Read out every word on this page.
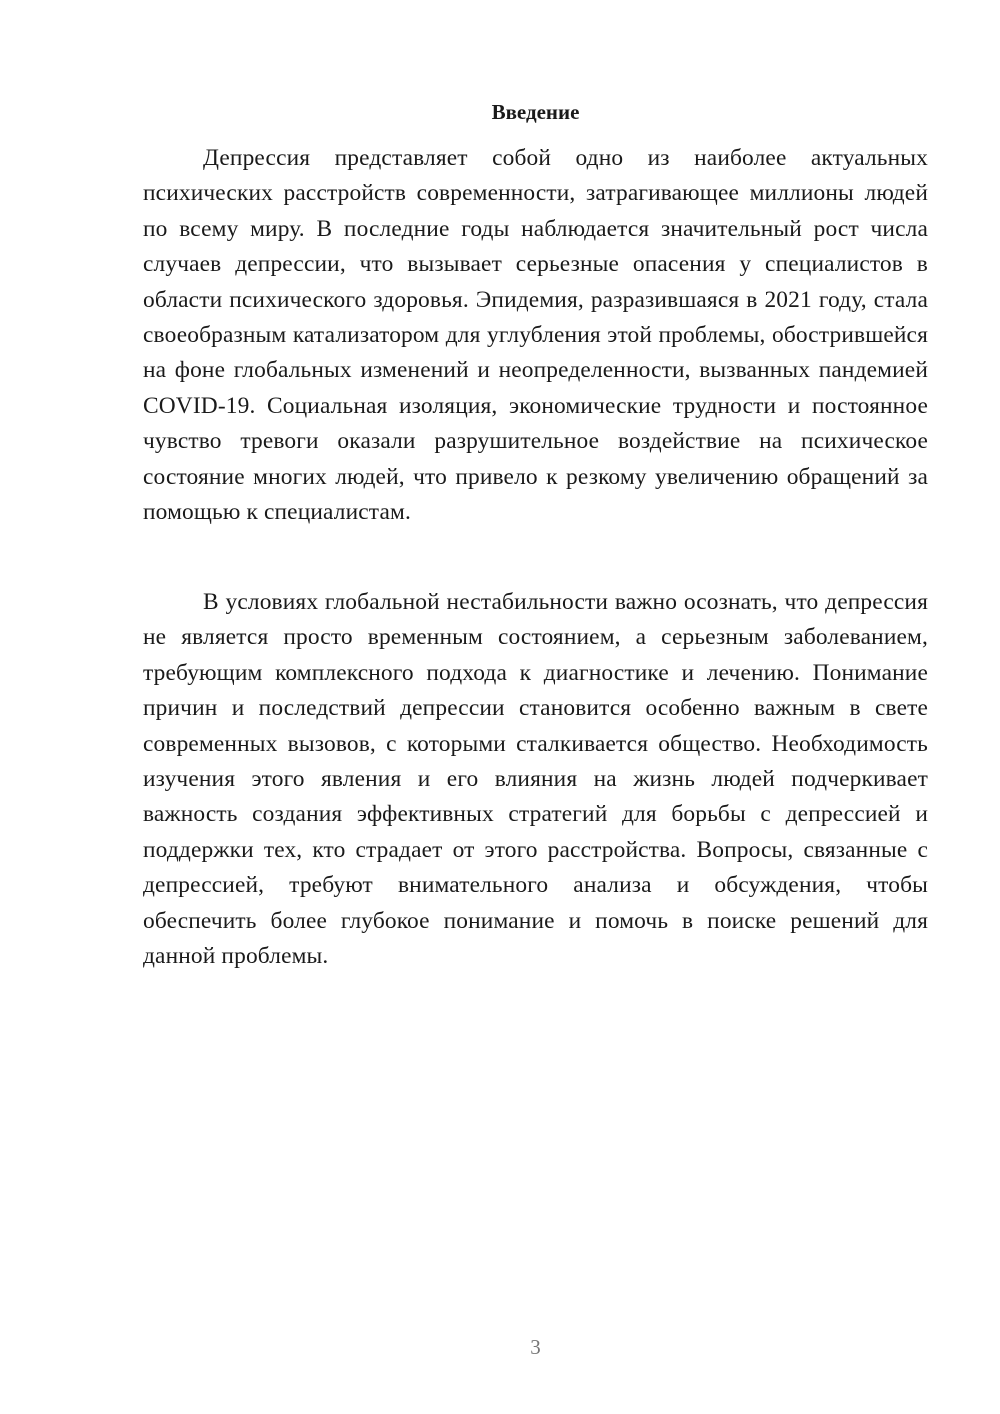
Введение

Депрессия представляет собой одно из наиболее актуальных психических расстройств современности, затрагивающее миллионы людей по всему миру. В последние годы наблюдается значительный рост числа случаев депрессии, что вызывает серьезные опасения у специалистов в области психического здоровья. Эпидемия, разразившаяся в 2021 году, стала своеобразным катализатором для углубления этой проблемы, обострившейся на фоне глобальных изменений и неопределенности, вызванных пандемией COVID-19. Социальная изоляция, экономические трудности и постоянное чувство тревоги оказали разрушительное воздействие на психическое состояние многих людей, что привело к резкому увеличению обращений за помощью к специалистам.

В условиях глобальной нестабильности важно осознать, что депрессия не является просто временным состоянием, а серьезным заболеванием, требующим комплексного подхода к диагностике и лечению. Понимание причин и последствий депрессии становится особенно важным в свете современных вызовов, с которыми сталкивается общество. Необходимость изучения этого явления и его влияния на жизнь людей подчеркивает важность создания эффективных стратегий для борьбы с депрессией и поддержки тех, кто страдает от этого расстройства. Вопросы, связанные с депрессией, требуют внимательного анализа и обсуждения, чтобы обеспечить более глубокое понимание и помочь в поиске решений для данной проблемы.

3
